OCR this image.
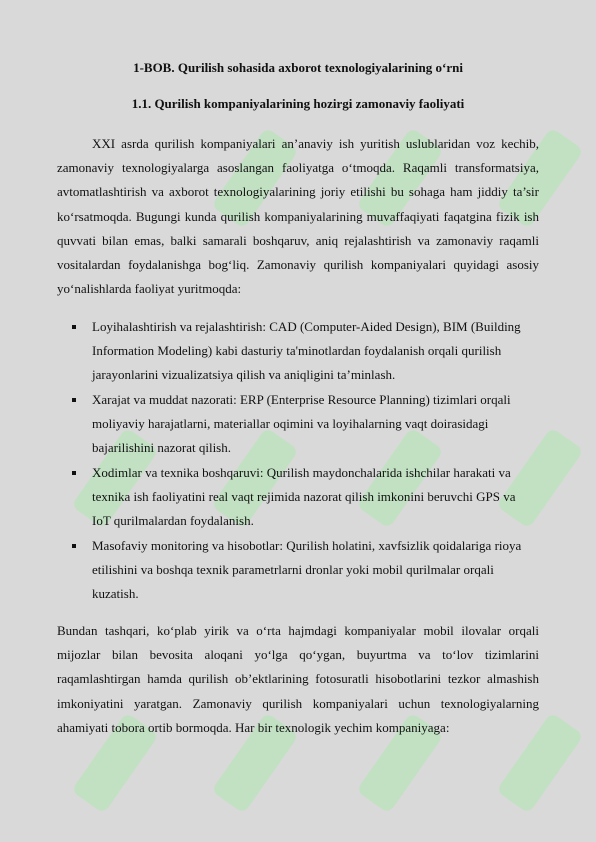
1-BOB. Qurilish sohasida axborot texnologiyalarining o‘rni
1.1. Qurilish kompaniyalarining hozirgi zamonaviy faoliyati
XXI asrda qurilish kompaniyalari an’anaviy ish yuritish uslublaridan voz kechib, zamonaviy texnologiyalarga asoslangan faoliyatga o‘tmoqda. Raqamli transformatsiya, avtomatlashtirish va axborot texnologiyalarining joriy etilishi bu sohaga ham jiddiy ta’sir ko‘rsatmoqda. Bugungi kunda qurilish kompaniyalarining muvaffaqiyati faqatgina fizik ish quvvati bilan emas, balki samarali boshqaruv, aniq rejalashtirish va zamonaviy raqamli vositalardan foydalanishga bog‘liq. Zamonaviy qurilish kompaniyalari quyidagi asosiy yo‘nalishlarda faoliyat yuritmoqda:
Loyihalashtirish va rejalashtirish: CAD (Computer-Aided Design), BIM (Building Information Modeling) kabi dasturiy ta'minotlardan foydalanish orqali qurilish jarayonlarini vizualizatsiya qilish va aniqligini ta’minlash.
Xarajat va muddat nazorati: ERP (Enterprise Resource Planning) tizimlari orqali moliyaviy harajatlarni, materiallar oqimini va loyihalarning vaqt doirasidagi bajarilishini nazorat qilish.
Xodimlar va texnika boshqaruvi: Qurilish maydonchalarida ishchilar harakati va texnika ish faoliyatini real vaqt rejimida nazorat qilish imkonini beruvchi GPS va IoT qurilmalardan foydalanish.
Masofaviy monitoring va hisobotlar: Qurilish holatini, xavfsizlik qoidalariga rioya etilishini va boshqa texnik parametrlarni dronlar yoki mobil qurilmalar orqali kuzatish.
Bundan tashqari, ko‘plab yirik va o‘rta hajmdagi kompaniyalar mobil ilovalar orqali mijozlar bilan bevosita aloqani yo‘lga qo‘ygan, buyurtma va to‘lov tizimlarini raqamlashtirgan hamda qurilish ob’ektlarining fotosuratli hisobotlarini tezkor almashish imkoniyatini yaratgan. Zamonaviy qurilish kompaniyalari uchun texnologiyalarning ahamiyati tobora ortib bormoqda. Har bir texnologik yechim kompaniyaga:
